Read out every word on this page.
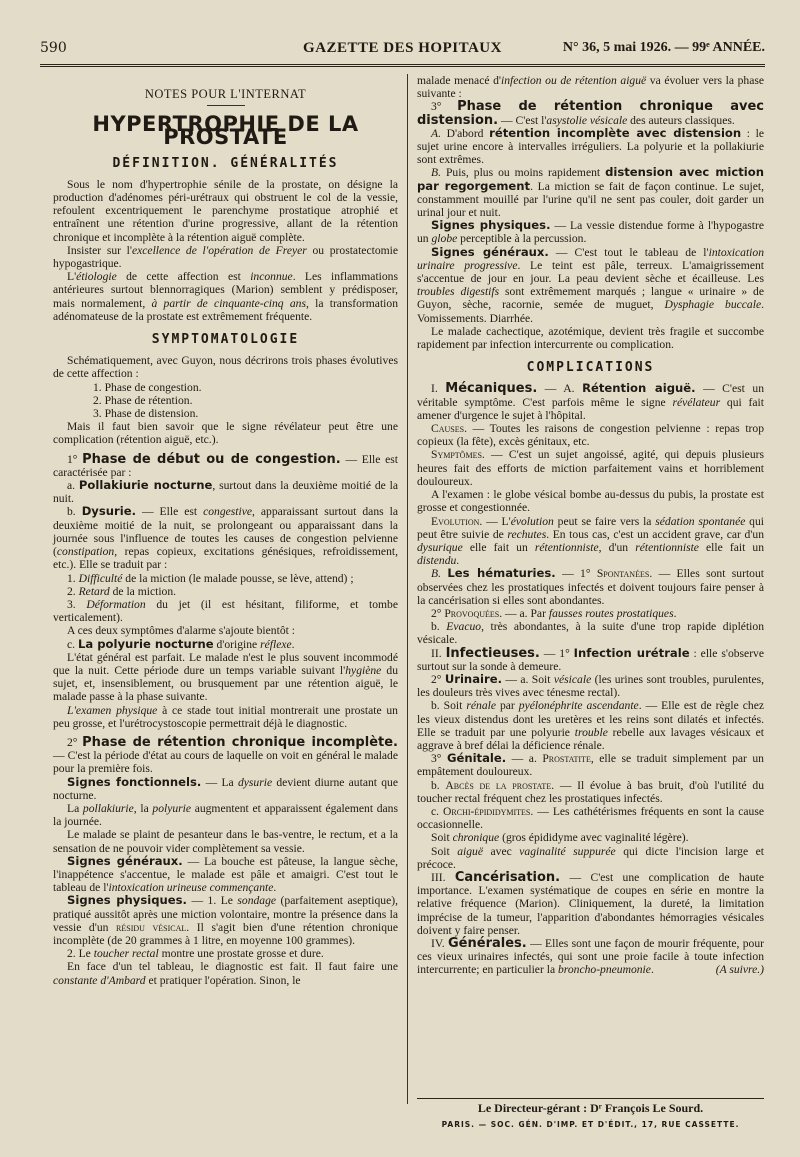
590	GAZETTE DES HOPITAUX	N° 36, 5 mai 1926. — 99ᵉ ANNÉE.
NOTES POUR L'INTERNAT
HYPERTROPHIE DE LA PROSTATE
DÉFINITION. GÉNÉRALITÉS

Sous le nom d'hypertrophie sénile de la prostate, on désigne la production d'adénomes péri-urétraux qui obstruent le col de la vessie, refoulent excentriquement le parenchyme prostatique atrophié et entraînent une rétention d'urine progressive, allant de la rétention chronique et incomplète à la rétention aiguë complète.

Insister sur l'excellence de l'opération de Freyer ou prostatectomie hypogastrique.

L'étiologie de cette affection est inconnue. Les inflammations antérieures surtout blennorragiques (Marion) semblent y prédisposer, mais normalement, à partir de cinquante-cinq ans, la transformation adénomateuse de la prostate est extrêmement fréquente.

SYMPTOMATOLOGIE

Schématiquement, avec Guyon, nous décrirons trois phases évolutives de cette affection :

1. Phase de congestion.
2. Phase de rétention.
3. Phase de distension.

Mais il faut bien savoir que le signe révélateur peut être une complication (rétention aiguë, etc.).

1° Phase de début ou de congestion. — Elle est caractérisée par :

a. Pollakiurie nocturne, surtout dans la deuxième moitié de la nuit.

b. Dysurie. — Elle est congestive, apparaissant surtout dans la deuxième moitié de la nuit, se prolongeant ou apparaissant dans la journée sous l'influence de toutes les causes de congestion pelvienne (constipation, repas copieux, excitations génésiques, refroidissement, etc.). Elle se traduit par :

1. Difficulté de la miction (le malade pousse, se lève, attend) ;

2. Retard de la miction.

3. Déformation du jet (il est hésitant, filiforme, et tombe verticalement).

A ces deux symptômes d'alarme s'ajoute bientôt :

c. La polyurie nocturne d'origine réflexe.

L'état général est parfait. Le malade n'est le plus souvent incommodé que la nuit. Cette période dure un temps variable suivant l'hygiène du sujet, et, insensiblement, ou brusquement par une rétention aiguë, le malade passe à la phase suivante.

L'examen physique à ce stade tout initial montrerait une prostate un peu grosse, et l'urétrocystoscopie permettrait déjà le diagnostic.

2° Phase de rétention chronique incomplète. — C'est la période d'état au cours de laquelle on voit en général le malade pour la première fois.

Signes fonctionnels. — La dysurie devient diurne autant que nocturne.

La pollakiurie, la polyurie augmentent et apparaissent également dans la journée.

Le malade se plaint de pesanteur dans le bas-ventre, le rectum, et a la sensation de ne pouvoir vider complètement sa vessie.

Signes généraux. — La bouche est pâteuse, la langue sèche, l'inappétence s'accentue, le malade est pâle et amaigri. C'est tout le tableau de l'intoxication urineuse commençante.

Signes physiques. — 1. Le sondage (parfaitement aseptique), pratiqué aussitôt après une miction volontaire, montre la présence dans la vessie d'un résidu vésical. Il s'agit bien d'une rétention chronique incomplète (de 20 grammes à 1 litre, en moyenne 100 grammes).

2. Le toucher rectal montre une prostate grosse et dure.

En face d'un tel tableau, le diagnostic est fait. Il faut faire une constante d'Ambard et pratiquer l'opération. Sinon, le

malade menacé d'infection ou de rétention aiguë va évoluer vers la phase suivante :

3° Phase de rétention chronique avec distension. — C'est l'asystolie vésicale des auteurs classiques.

A. D'abord rétention incomplète avec distension : le sujet urine encore à intervalles irréguliers. La polyurie et la pollakiurie sont extrêmes.

B. Puis, plus ou moins rapidement distension avec miction par regorgement. La miction se fait de façon continue. Le sujet, constamment mouillé par l'urine qu'il ne sent pas couler, doit garder un urinal jour et nuit.

Signes physiques. — La vessie distendue forme à l'hypogastre un globe perceptible à la percussion.

Signes généraux. — C'est tout le tableau de l'intoxication urinaire progressive. Le teint est pâle, terreux. L'amaigrissement s'accentue de jour en jour. La peau devient sèche et écailleuse. Les troubles digestifs sont extrêmement marqués ; langue « urinaire » de Guyon, sèche, racornie, semée de muguet, Dysphagie buccale. Vomissements. Diarrhée.

Le malade cachectique, azotémique, devient très fragile et succombe rapidement par infection intercurrente ou complication.

COMPLICATIONS

I. Mécaniques. — A. Rétention aiguë. — C'est un véritable symptôme. C'est parfois même le signe révélateur qui fait amener d'urgence le sujet à l'hôpital.

Causes. — Toutes les raisons de congestion pelvienne : repas trop copieux (la fête), excès génitaux, etc.

Symptômes. — C'est un sujet angoissé, agité, qui depuis plusieurs heures fait des efforts de miction parfaitement vains et horriblement douloureux.

A l'examen : le globe vésical bombe au-dessus du pubis, la prostate est grosse et congestionnée.

Evolution. — L'évolution peut se faire vers la sédation spontanée qui peut être suivie de rechutes. En tous cas, c'est un accident grave, car d'un dysurique elle fait un rétentionniste, d'un rétentionniste elle fait un distendu.

B. Les hématuries. — 1° Spontanées. — Elles sont surtout observées chez les prostatiques infectés et doivent toujours faire penser à la cancérisation si elles sont abondantes.

2° Provoquées. — a. Par fausses routes prostatiques.

b. Evacuo, très abondantes, à la suite d'une trop rapide diplétion vésicale.

II. Infectieuses. — 1° Infection urétrale : elle s'observe surtout sur la sonde à demeure.

2° Urinaire. — a. Soit vésicale (les urines sont troubles, purulentes, les douleurs très vives avec ténesme rectal).

b. Soit rénale par pyélonéphrite ascendante. — Elle est de règle chez les vieux distendus dont les uretères et les reins sont dilatés et infectés. Elle se traduit par une polyurie trouble rebelle aux lavages vésicaux et aggrave à bref délai la déficience rénale.

3° Génitale. — a. Prostatite, elle se traduit simplement par un empâtement douloureux.

b. Abcès de la prostate. — Il évolue à bas bruit, d'où l'utilité du toucher rectal fréquent chez les prostatiques infectés.

c. Orchi-épididymites. — Les cathétérismes fréquents en sont la cause occasionnelle.

Soit chronique (gros épididyme avec vaginalité légère).

Soit aiguë avec vaginalité suppurée qui dicte l'incision large et précoce.

III. Cancérisation. — C'est une complication de haute importance. L'examen systématique de coupes en série en montre la relative fréquence (Marion). Cliniquement, la dureté, la limitation imprécise de la tumeur, l'apparition d'abondantes hémorragies vésicales doivent y faire penser.

IV. Générales. — Elles sont une façon de mourir fréquente, pour ces vieux urinaires infectés, qui sont une proie facile à toute infection intercurrente; en particulier la broncho-pneumonie.	(A suivre.)

Le Directeur-gérant : Dʳ François Le Sourd.
PARIS. — SOC. GÉN. D'IMP. ET D'ÉDIT., 17, RUE CASSETTE.
